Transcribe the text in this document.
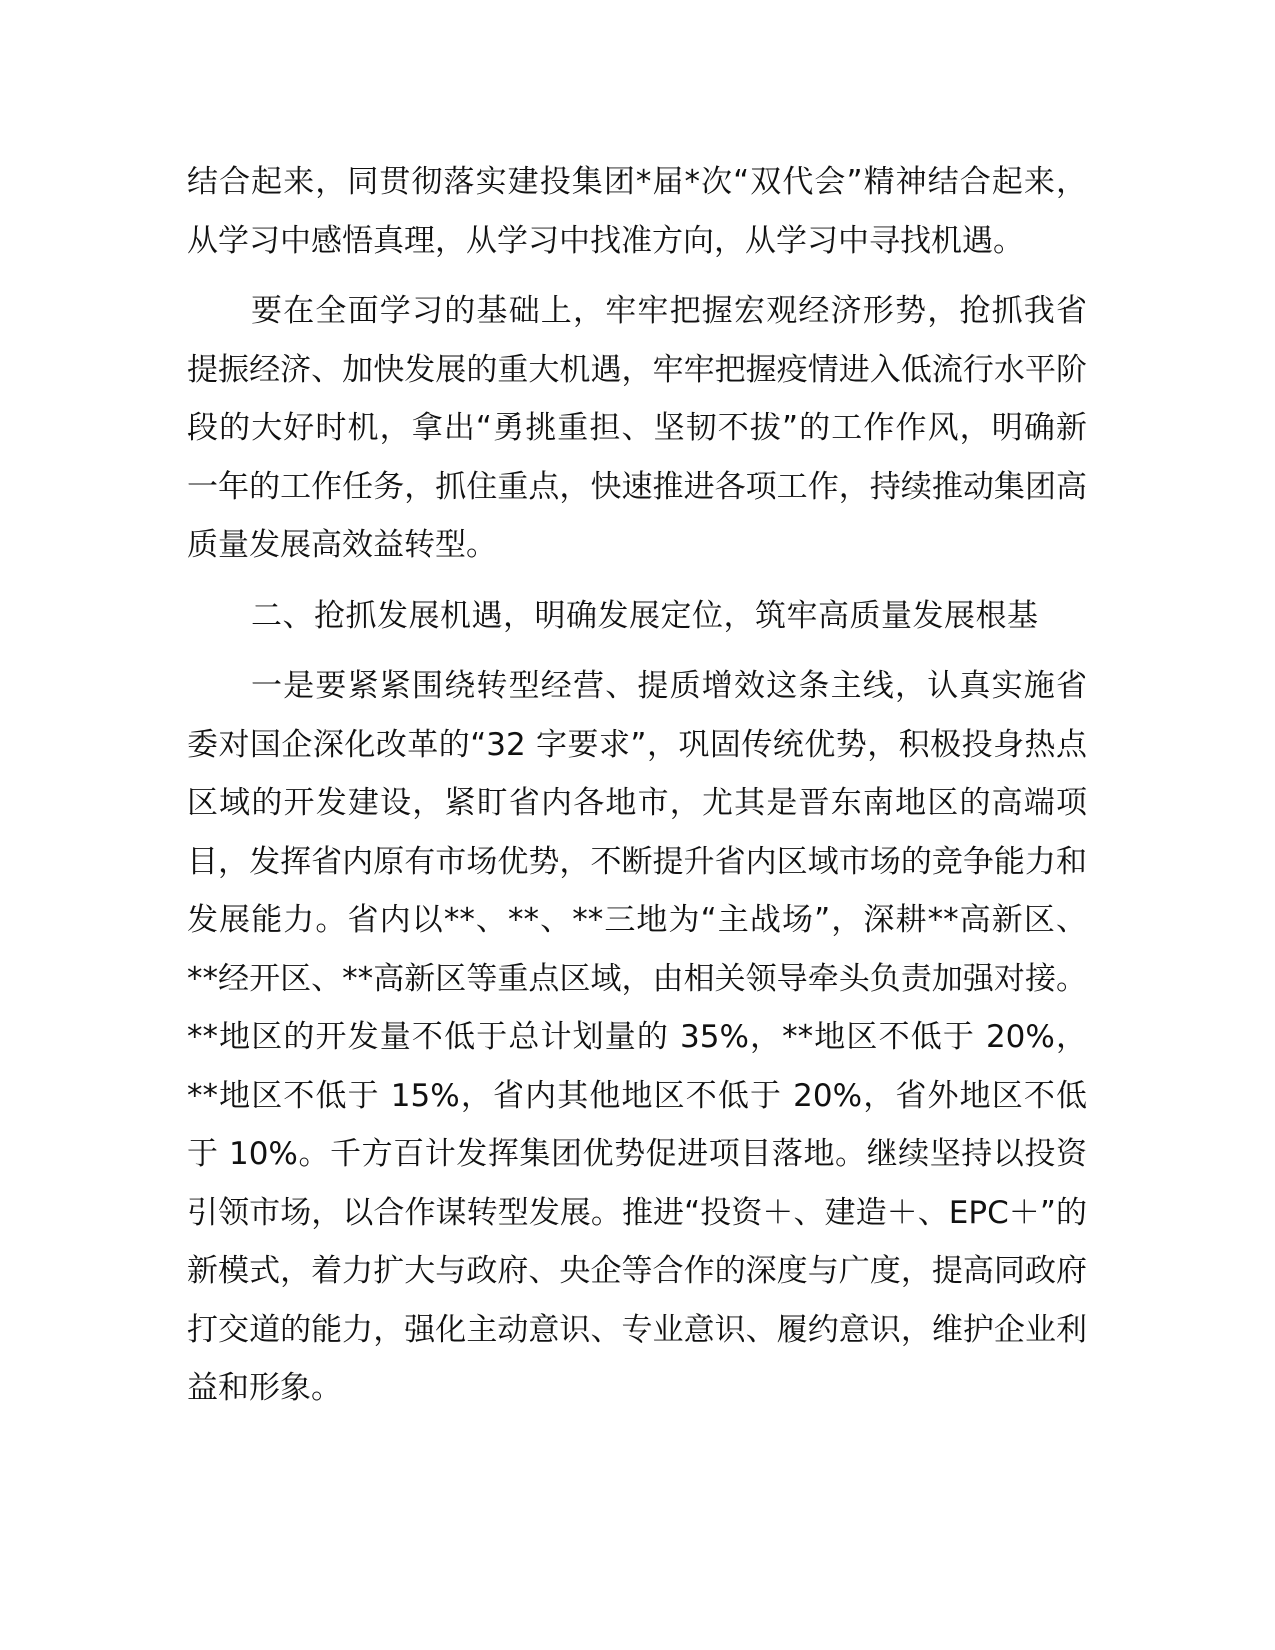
结合起来，同贯彻落实建投集团*届*次“双代会”精神结合起来，从学习中感悟真理，从学习中找准方向，从学习中寻找机遇。

要在全面学习的基础上，牢牢把握宏观经济形势，抢抓我省提振经济、加快发展的重大机遇，牢牢把握疫情进入低流行水平阶段的大好时机，拿出“勇挑重担、坚韧不拔”的工作作风，明确新一年的工作任务，抓住重点，快速推进各项工作，持续推动集团高质量发展高效益转型。

二、抢抓发展机遇，明确发展定位，筑牢高质量发展根基

一是要紧紧围绕转型经营、提质增效这条主线，认真实施省委对国企深化改革的“32 字要求”，巩固传统优势，积极投身热点区域的开发建设，紧盯省内各地市，尤其是晋东南地区的高端项目，发挥省内原有市场优势，不断提升省内区域市场的竞争能力和发展能力。省内以**、**、**三地为“主战场”，深耕**高新区、**经开区、**高新区等重点区域，由相关领导牵头负责加强对接。**地区的开发量不低于总计划量的 35%，**地区不低于 20%，**地区不低于 15%，省内其他地区不低于 20%，省外地区不低于 10%。千方百计发挥集团优势促进项目落地。继续坚持以投资引领市场，以合作谋转型发展。推进“投资＋、建造＋、EPC＋”的新模式，着力扩大与政府、央企等合作的深度与广度，提高同政府打交道的能力，强化主动意识、专业意识、履约意识，维护企业利益和形象。
